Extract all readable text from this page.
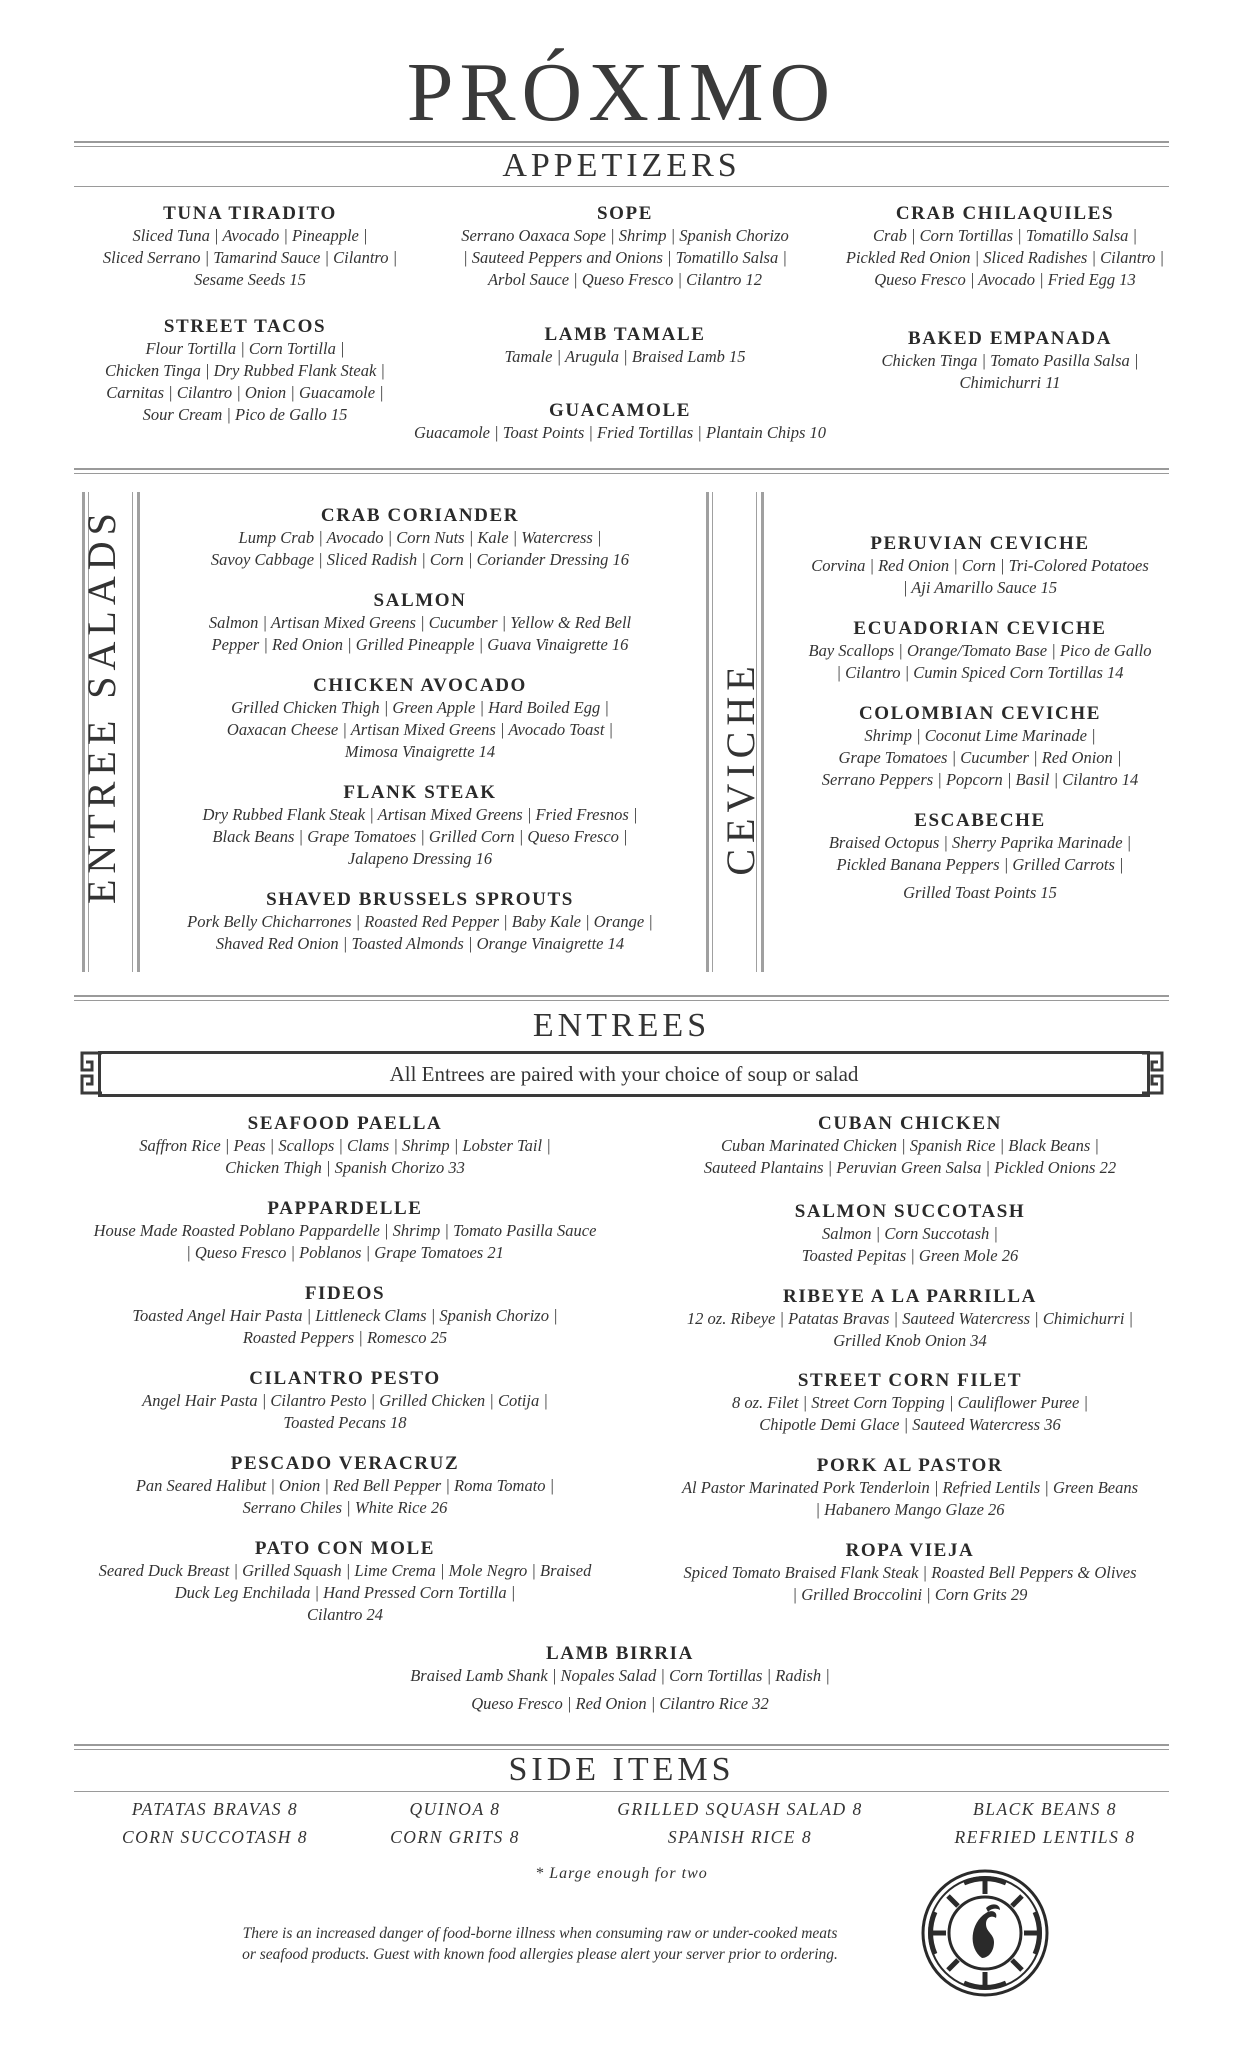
PRÓXIMO
APPETIZERS
TUNA TIRADITO
Sliced Tuna | Avocado | Pineapple |
Sliced Serrano | Tamarind Sauce | Cilantro |
Sesame Seeds 15
SOPE
Serrano Oaxaca Sope | Shrimp | Spanish Chorizo
| Sauteed Peppers and Onions | Tomatillo Salsa |
Arbol Sauce | Queso Fresco | Cilantro 12
CRAB CHILAQUILES
Crab | Corn Tortillas | Tomatillo Salsa |
Pickled Red Onion | Sliced Radishes | Cilantro |
Queso Fresco | Avocado | Fried Egg 13
STREET TACOS
Flour Tortilla | Corn Tortilla |
Chicken Tinga | Dry Rubbed Flank Steak |
Carnitas | Cilantro | Onion | Guacamole |
Sour Cream | Pico de Gallo 15
LAMB TAMALE
Tamale | Arugula | Braised Lamb 15
BAKED EMPANADA
Chicken Tinga | Tomato Pasilla Salsa |
Chimichurri 11
GUACAMOLE
Guacamole | Toast Points | Fried Tortillas | Plantain Chips 10
ENTREE SALADS	CRAB CORIANDER
Lump Crab | Avocado | Corn Nuts | Kale | Watercress |
Savoy Cabbage | Sliced Radish | Corn | Coriander Dressing 16
SALMON
Salmon | Artisan Mixed Greens | Cucumber | Yellow & Red Bell
Pepper | Red Onion | Grilled Pineapple | Guava Vinaigrette 16
CHICKEN AVOCADO
Grilled Chicken Thigh | Green Apple | Hard Boiled Egg |
Oaxacan Cheese | Artisan Mixed Greens | Avocado Toast |
Mimosa Vinaigrette 14
FLANK STEAK
Dry Rubbed Flank Steak | Artisan Mixed Greens | Fried Fresnos |
Black Beans | Grape Tomatoes | Grilled Corn | Queso Fresco |
Jalapeno Dressing 16
SHAVED BRUSSELS SPROUTS
Pork Belly Chicharrones | Roasted Red Pepper | Baby Kale | Orange |
Shaved Red Onion | Toasted Almonds | Orange Vinaigrette 14
CEVICHE
PERUVIAN CEVICHE
Corvina | Red Onion | Corn | Tri-Colored Potatoes
| Aji Amarillo Sauce 15
ECUADORIAN CEVICHE
Bay Scallops | Orange/Tomato Base | Pico de Gallo
| Cilantro | Cumin Spiced Corn Tortillas 14
COLOMBIAN CEVICHE
Shrimp | Coconut Lime Marinade |
Grape Tomatoes | Cucumber | Red Onion |
Serrano Peppers | Popcorn | Basil | Cilantro 14
ESCABECHE
Braised Octopus | Sherry Paprika Marinade |
Pickled Banana Peppers | Grilled Carrots |
Grilled Toast Points 15
ENTREES
All Entrees are paired with your choice of soup or salad
SEAFOOD PAELLA
Saffron Rice | Peas | Scallops | Clams | Shrimp | Lobster Tail |
Chicken Thigh | Spanish Chorizo 33
PAPPARDELLE
House Made Roasted Poblano Pappardelle | Shrimp | Tomato Pasilla Sauce
| Queso Fresco | Poblanos | Grape Tomatoes 21
FIDEOS
Toasted Angel Hair Pasta | Littleneck Clams | Spanish Chorizo |
Roasted Peppers | Romesco 25
CILANTRO PESTO
Angel Hair Pasta | Cilantro Pesto | Grilled Chicken | Cotija |
Toasted Pecans 18
PESCADO VERACRUZ
Pan Seared Halibut | Onion | Red Bell Pepper | Roma Tomato |
Serrano Chiles | White Rice 26
PATO CON MOLE
Seared Duck Breast | Grilled Squash | Lime Crema | Mole Negro | Braised
Duck Leg Enchilada | Hand Pressed Corn Tortilla |
Cilantro 24
CUBAN CHICKEN
Cuban Marinated Chicken | Spanish Rice | Black Beans |
Sauteed Plantains | Peruvian Green Salsa | Pickled Onions 22
SALMON SUCCOTASH
Salmon | Corn Succotash |
Toasted Pepitas | Green Mole 26
RIBEYE A LA PARRILLA
12 oz. Ribeye | Patatas Bravas | Sauteed Watercress | Chimichurri |
Grilled Knob Onion 34
STREET CORN FILET
8 oz. Filet | Street Corn Topping | Cauliflower Puree |
Chipotle Demi Glace | Sauteed Watercress 36
PORK AL PASTOR
Al Pastor Marinated Pork Tenderloin | Refried Lentils | Green Beans
| Habanero Mango Glaze 26
ROPA VIEJA
Spiced Tomato Braised Flank Steak | Roasted Bell Peppers & Olives
| Grilled Broccolini | Corn Grits 29
LAMB BIRRIA
Braised Lamb Shank | Nopales Salad | Corn Tortillas | Radish |
Queso Fresco | Red Onion | Cilantro Rice 32
SIDE ITEMS
PATATAS BRAVAS 8	QUINOA 8	GRILLED SQUASH SALAD 8	BLACK BEANS 8
CORN SUCCOTASH 8	CORN GRITS 8	SPANISH RICE 8	REFRIED LENTILS 8
* Large enough for two
There is an increased danger of food-borne illness when consuming raw or under-cooked meats
or seafood products. Guest with known food allergies please alert your server prior to ordering.
